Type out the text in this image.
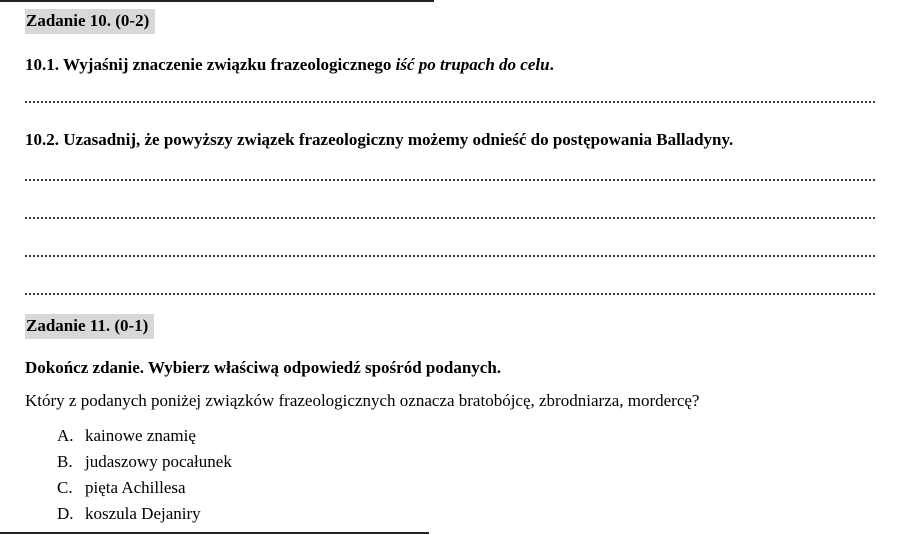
Zadanie 10. (0-2)
10.1. Wyjaśnij znaczenie związku frazeologicznego iść po trupach do celu.
10.2. Uzasadnij, że powyższy związek frazeologiczny możemy odnieść do postępowania Balladyny.
Zadanie 11. (0-1)
Dokończ zdanie. Wybierz właściwą odpowiedź spośród podanych.
Który z podanych poniżej związków frazeologicznych oznacza bratobójcę, zbrodniarza, mordercę?
A. kainowe znamię
B. judaszowy pocałunek
C. pięta Achillesa
D. koszula Dejaniry
